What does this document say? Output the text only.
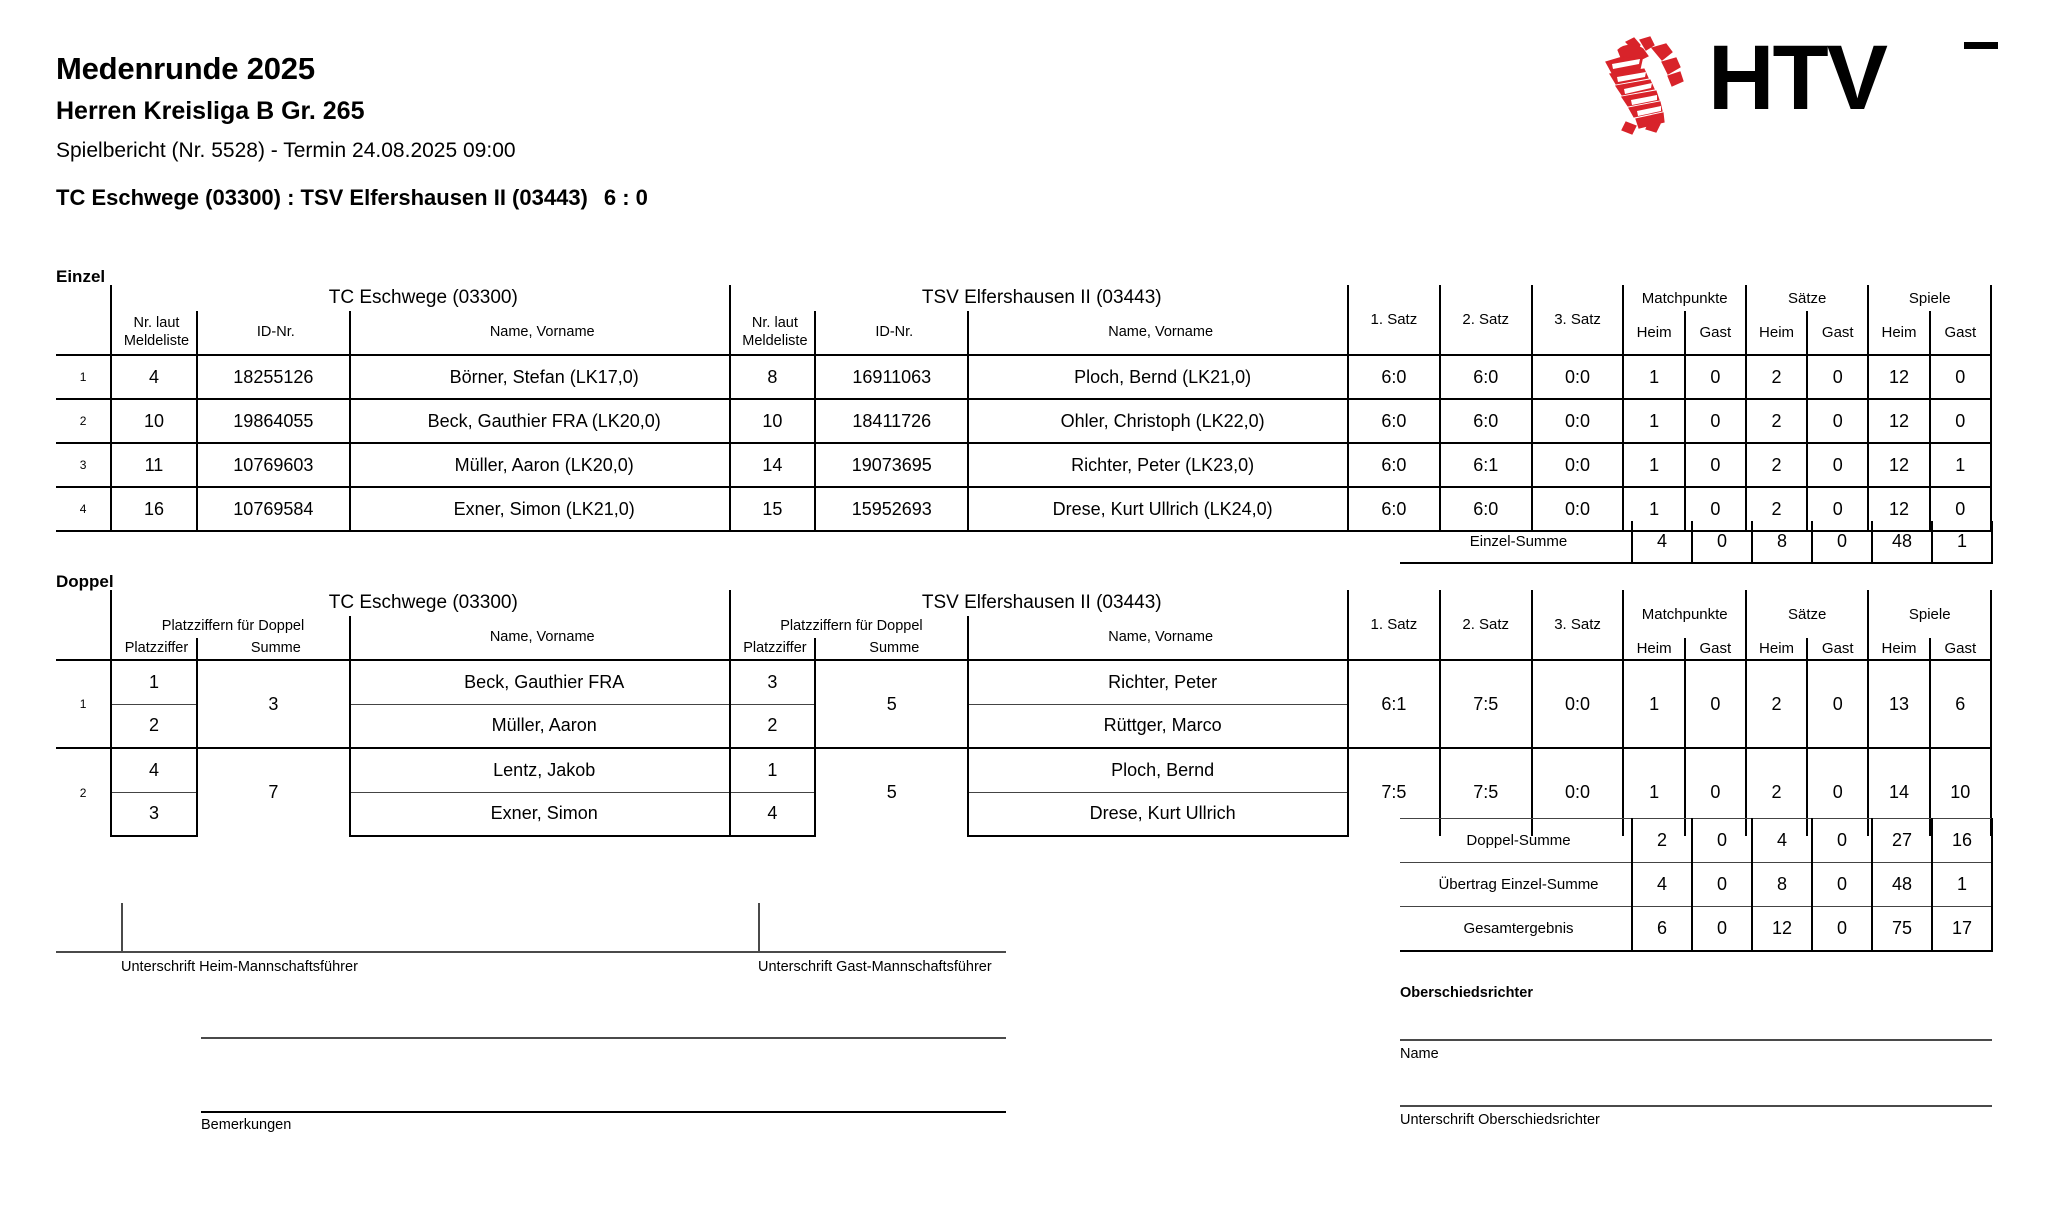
Medenrunde 2025
Herren Kreisliga B Gr. 265
Spielbericht (Nr. 5528) - Termin 24.08.2025 09:00
TC Eschwege (03300) : TSV Elfershausen II (03443) 6 : 0
HTV
Einzel
	TC Eschwege (03300)			TSV Elfershausen II (03443)			1. Satz	2. Satz	3. Satz	Matchpunkte		Sätze		Spiele	
	Nr. laut
Meldeliste	ID-Nr.	Name, Vorname	Nr. laut
Meldeliste	ID-Nr.	Name, Vorname				Heim	Gast	Heim	Gast	Heim	Gast
1	4	18255126	Börner, Stefan (LK17,0)	8	16911063	Ploch, Bernd (LK21,0)	6:0	6:0	0:0	1	0	2	0	12	0
2	10	19864055	Beck, Gauthier FRA (LK20,0)	10	18411726	Ohler, Christoph (LK22,0)	6:0	6:0	0:0	1	0	2	0	12	0
3	11	10769603	Müller, Aaron (LK20,0)	14	19073695	Richter, Peter (LK23,0)	6:0	6:1	0:0	1	0	2	0	12	1
4	16	10769584	Exner, Simon (LK21,0)	15	15952693	Drese, Kurt Ullrich (LK24,0)	6:0	6:0	0:0	1	0	2	0	12	0
Einzel-Summe	4	0	8	0	48	1
Doppel
	TC Eschwege (03300)			TSV Elfershausen II (03443)			1. Satz	2. Satz	3. Satz	Matchpunkte		Sätze		Spiele	
	Platzziffern für Doppel		Name, Vorname	Platzziffern für Doppel		Name, Vorname									
	Platzziffer	Summe		Platzziffer	Summe					Heim	Gast	Heim	Gast	Heim	Gast
1	1	3	Beck, Gauthier FRA	3	5	Richter, Peter	6:1	7:5	0:0	1	0	2	0	13	6
	2		Müller, Aaron	2		Rüttger, Marco									
2	4	7	Lentz, Jakob	1	5	Ploch, Bernd	7:5	7:5	0:0	1	0	2	0	14	10
	3		Exner, Simon	4		Drese, Kurt Ullrich									
Doppel-Summe	2	0	4	0	27	16
Übertrag Einzel-Summe	4	0	8	0	48	1
Gesamtergebnis	6	0	12	0	75	17
Unterschrift Heim-Mannschaftsführer	Unterschrift Gast-Mannschaftsführer
Bemerkungen
Oberschiedsrichter
Name
Unterschrift Oberschiedsrichter
